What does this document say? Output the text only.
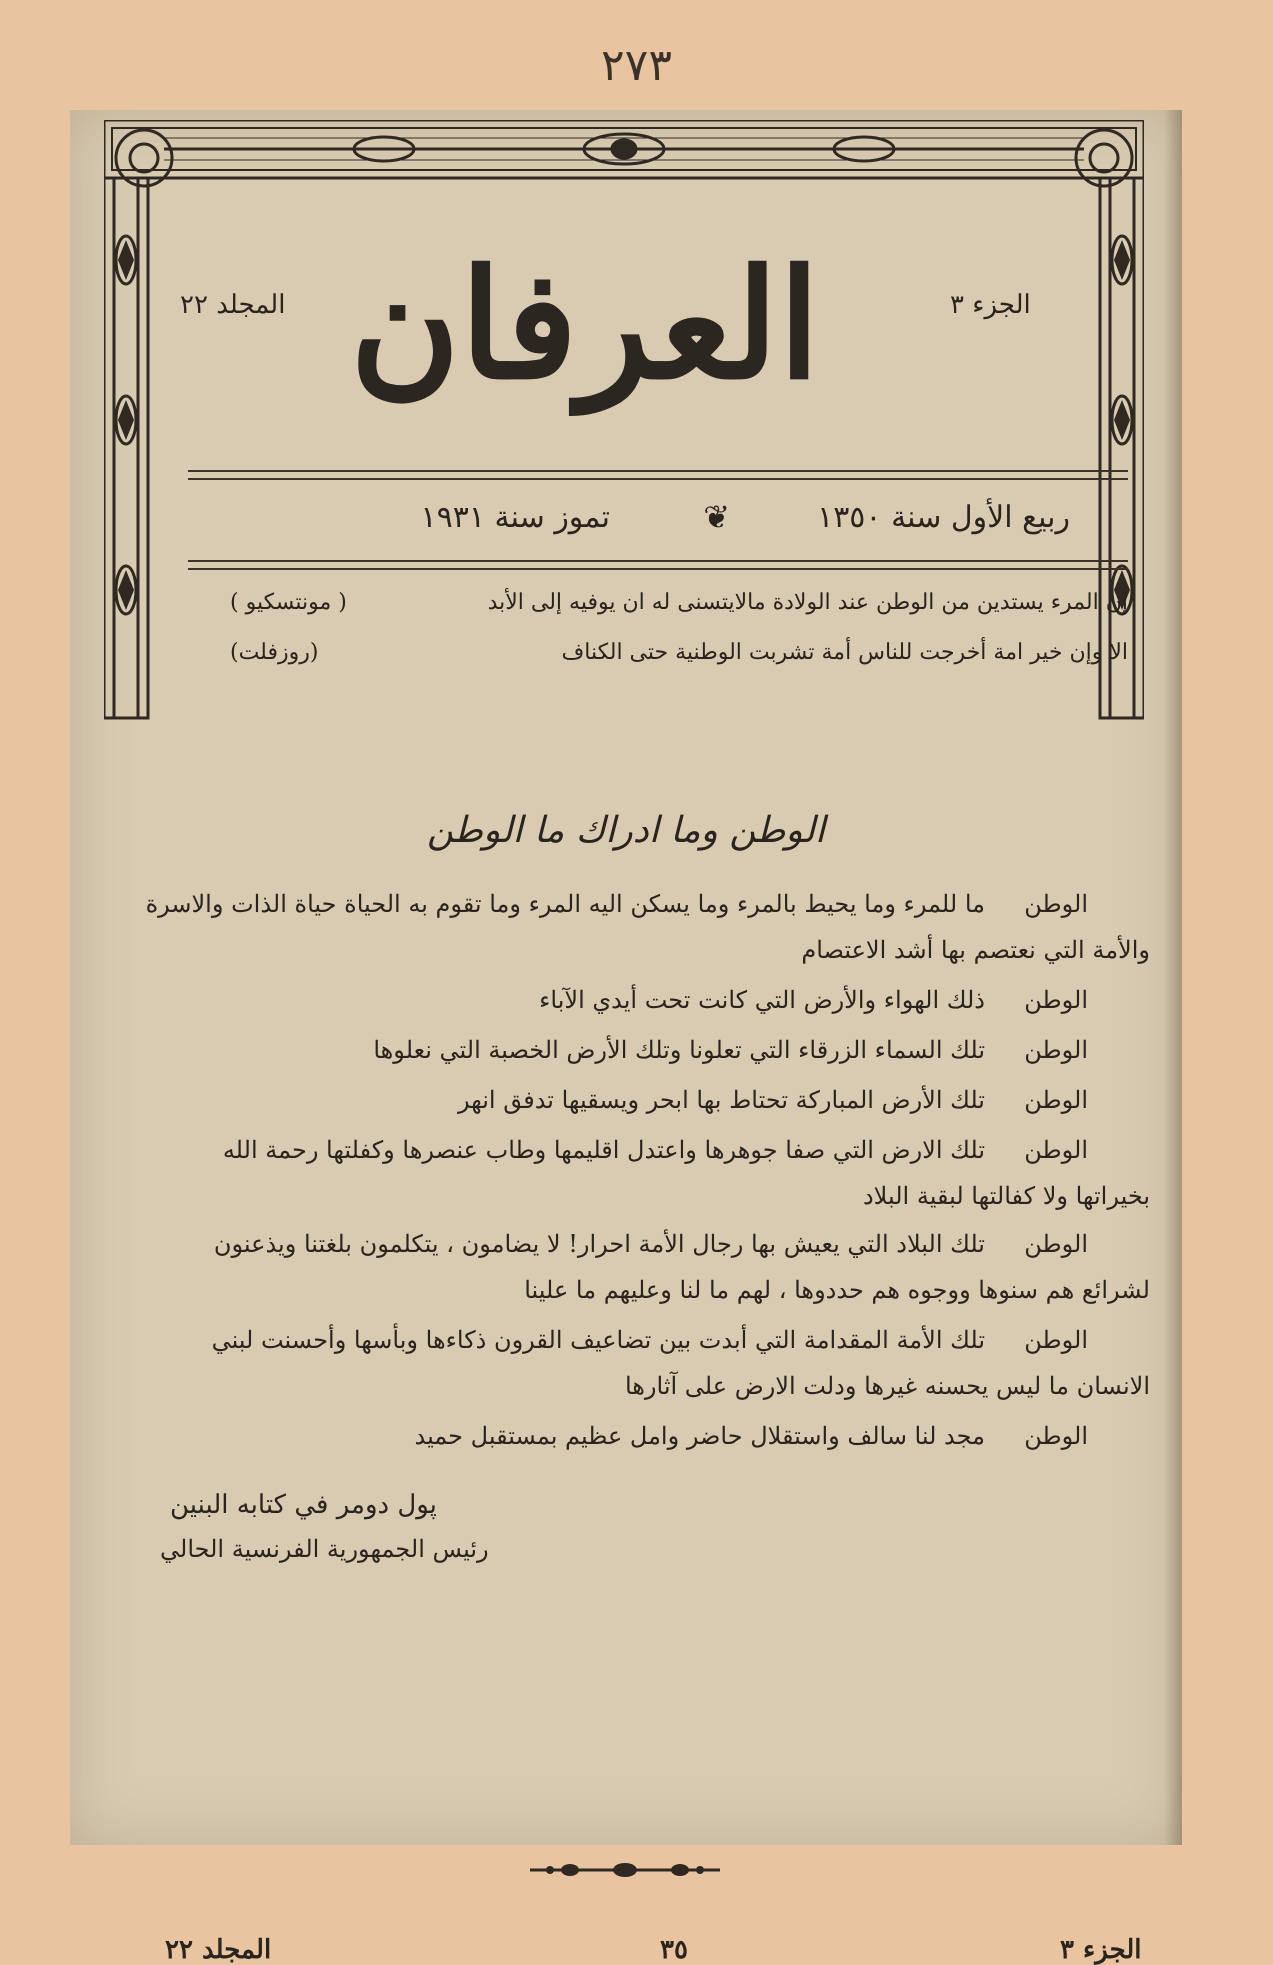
٢٧٣
الجزء ٣
المجلد ٢٢ العرفان
ربيع الأول سنة ١٣٥٠
❦
تموز سنة ١٩٣١
إن المرء يستدين من الوطن عند الولادة مالايتسنى له ان يوفيه إلى الأبد
( مونتسكيو )
الا وإن خير امة أخرجت للناس أمة تشربت الوطنية حتى الكناف
(روزفلت)
الوطن وما ادراك ما الوطن
الوطن
ما للمرء وما يحيط بالمرء وما يسكن اليه المرء وما تقوم به الحياة حياة الذات والاسرة
والأمة التي نعتصم بها أشد الاعتصام
الوطن
ذلك الهواء والأرض التي كانت تحت أيدي الآباء
الوطن
تلك السماء الزرقاء التي تعلونا وتلك الأرض الخصبة التي نعلوها
الوطن
تلك الأرض المباركة تحتاط بها ابحر ويسقيها تدفق انهر
الوطن
تلك الارض التي صفا جوهرها واعتدل اقليمها وطاب عنصرها وكفلتها رحمة الله
بخيراتها ولا كفالتها لبقية البلاد
الوطن
تلك البلاد التي يعيش بها رجال الأمة احرار! لا يضامون ، يتكلمون بلغتنا ويذعنون
لشرائع هم سنوها ووجوه هم حددوها ، لهم ما لنا وعليهم ما علينا
الوطن
تلك الأمة المقدامة التي أبدت بين تضاعيف القرون ذكاءها وبأسها وأحسنت لبني
الانسان ما ليس يحسنه غيرها ودلت الارض على آثارها
الوطن
مجد لنا سالف واستقلال حاضر وامل عظيم بمستقبل حميد
پول دومر في كتابه البنين
رئيس الجمهورية الفرنسية الحالي
الجزء ٣
٣٥
المجلد ٢٢
